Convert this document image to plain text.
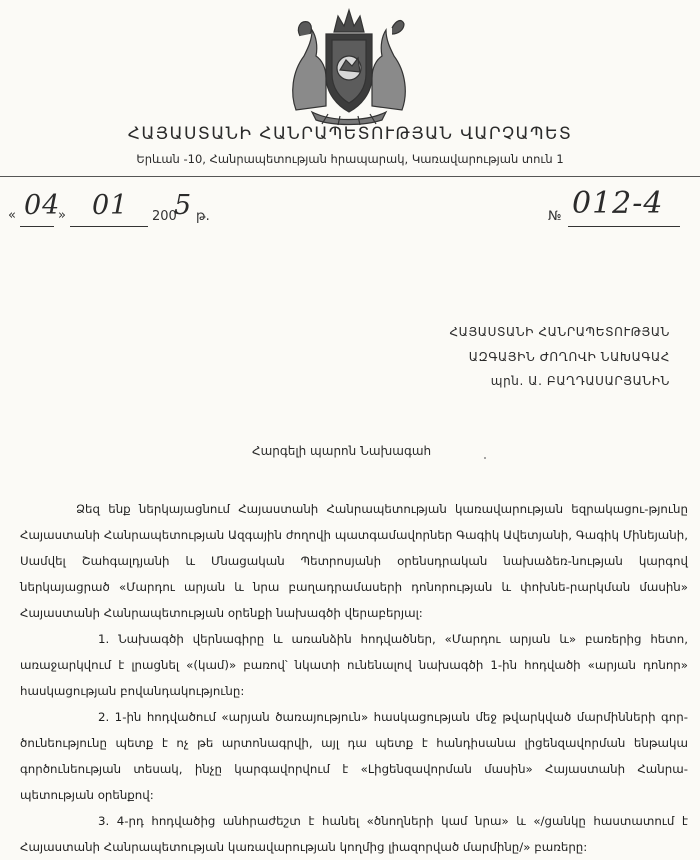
ՀԱՅԱՍՏԱՆԻ ՀԱՆՐԱՊԵՏՈՒԹՅԱՆ ՎԱՐՉԱՊԵՏ
Երևան -10, Հանրապետության հրապարակ, Կառավարության տուն 1
« 04
» 01 200
5 թ.	№ 012-4
ՀԱՅԱՍՏԱՆԻ ՀԱՆՐԱՊԵՏՈՒԹՅԱՆ
ԱԶԳԱՅԻՆ ԺՈՂՈՎԻ ՆԱԽԱԳԱՀ
պրն. Ա. ԲԱՂԴԱՍԱՐՅԱՆԻՆ
Հարգելի պարոն Նախագահ

Ձեզ ենք ներկայացնում Հայաստանի Հանրապետության կառավարության եզրակացու-թյունը Հայաստանի Հանրապետության Ազգային ժողովի պատգամավորներ Գագիկ Ավետյանի, Գագիկ Մինեյանի, Սամվել Շահգալդյանի և Մնացական Պետրոսյանի օրենսդրական նախաձեռ-նության կարգով ներկայացրած «Մարդու արյան և նրա բաղադրամասերի դոնորության և փոխնե-րարկման մասին» Հայաստանի Հանրապետության օրենքի նախագծի վերաբերյալ:

1. Նախագծի վերնագիրը և առանձին հոդվածներ, «Մարդու արյան և» բառերից հետո, առաջարկվում է լրացնել «(կամ)» բառով՝ նկատի ունենալով նախագծի 1-ին հոդվածի «արյան դոնոր» հասկացության բովանդակությունը:

2. 1-ին հոդվածում «արյան ծառայություն» հասկացության մեջ թվարկված մարմինների գոր-ծունեությունը պետք է ոչ թե արտոնագրվի, այլ դա պետք է հանդիսանա լիցենզավորման ենթակա գործունեության տեսակ, ինչը կարգավորվում է «Լիցենզավորման մասին» Հայաստանի Հանրա-պետության օրենքով:

3. 4-րդ հոդվածից անհրաժեշտ է հանել «ծնողների կամ նրա» և «/ցանկը հաստատում է Հայաստանի Հանրապետության կառավարության կողմից լիազորված մարմինը/» բառերը:
